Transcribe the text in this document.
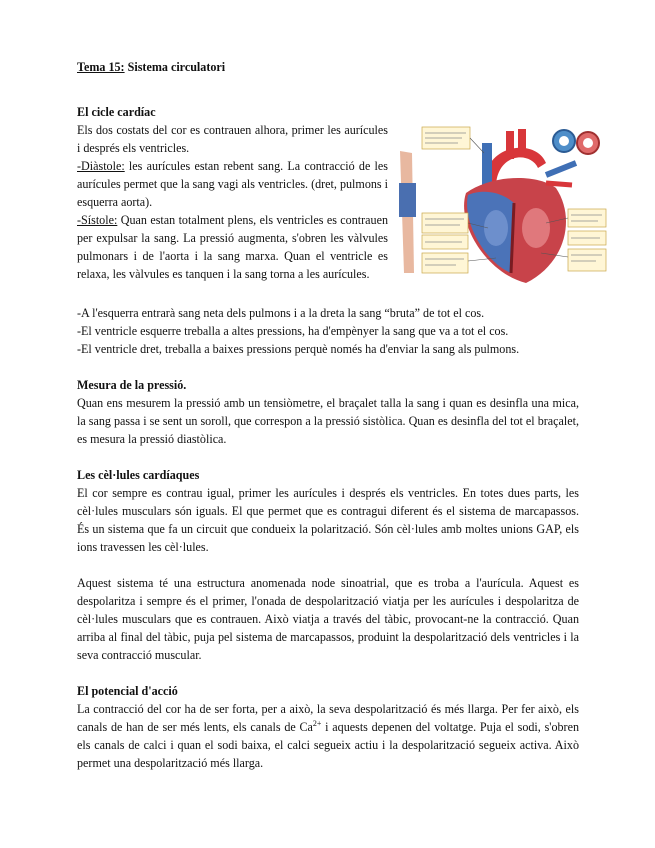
Tema 15: Sistema circulatori
El cicle cardíac

Els dos costats del cor es contrauen alhora, primer les aurícules i després els ventricles.

-Diàstole: les aurícules estan rebent sang. La contracció de les aurícules permet que la sang vagi als ventricles. (dret, pulmons i esquerra aorta).

-Sístole: Quan estan totalment plens, els ventricles es contrauen per expulsar la sang. La pressió augmenta, s'obren les vàlvules pulmonars i de l'aorta i la sang marxa. Quan el ventricle es relaxa, les vàlvules es tanquen i la sang torna a les aurícules.

-A l'esquerra entrarà sang neta dels pulmons i a la dreta la sang “bruta” de tot el cos.

-El ventricle esquerre treballa a altes pressions, ha d'empènyer la sang que va a tot el cos.

-El ventricle dret, treballa a baixes pressions perquè només ha d'enviar la sang als pulmons.

Mesura de la pressió.

Quan ens mesurem la pressió amb un tensiòmetre, el braçalet talla la sang i quan es desinfla una mica, la sang passa i se sent un soroll, que correspon a la pressió sistòlica. Quan es desinfla del tot el braçalet, es mesura la pressió diastòlica.

Les cèl·lules cardíaques

El cor sempre es contrau igual, primer les aurícules i després els ventricles. En totes dues parts, les cèl·lules musculars són iguals. El que permet que es contragui diferent és el sistema de marcapassos. És un sistema que fa un circuit que condueix la polarització. Són cèl·lules amb moltes unions GAP, els ions travessen les cèl·lules.

Aquest sistema té una estructura anomenada node sinoatrial, que es troba a l'aurícula. Aquest es despolaritza i sempre és el primer, l'onada de despolarització viatja per les aurícules i despolaritza de cèl·lules musculars que es contrauen. Això viatja a través del tàbic, provocant-ne la contracció. Quan arriba al final del tàbic, puja pel sistema de marcapassos, produint la despolarització dels ventricles i la seva contracció muscular.

El potencial d'acció

La contracció del cor ha de ser forta, per a això, la seva despolarització és més llarga. Per fer això, els canals de han de ser més lents, els canals de $Ca^{2+}$ i aquests depenen del voltatge. Puja el sodi, s'obren els canals de calci i quan el sodi baixa, el calci segueix actiu i la despolarització segueix activa. Això permet una despolarització més llarga.
